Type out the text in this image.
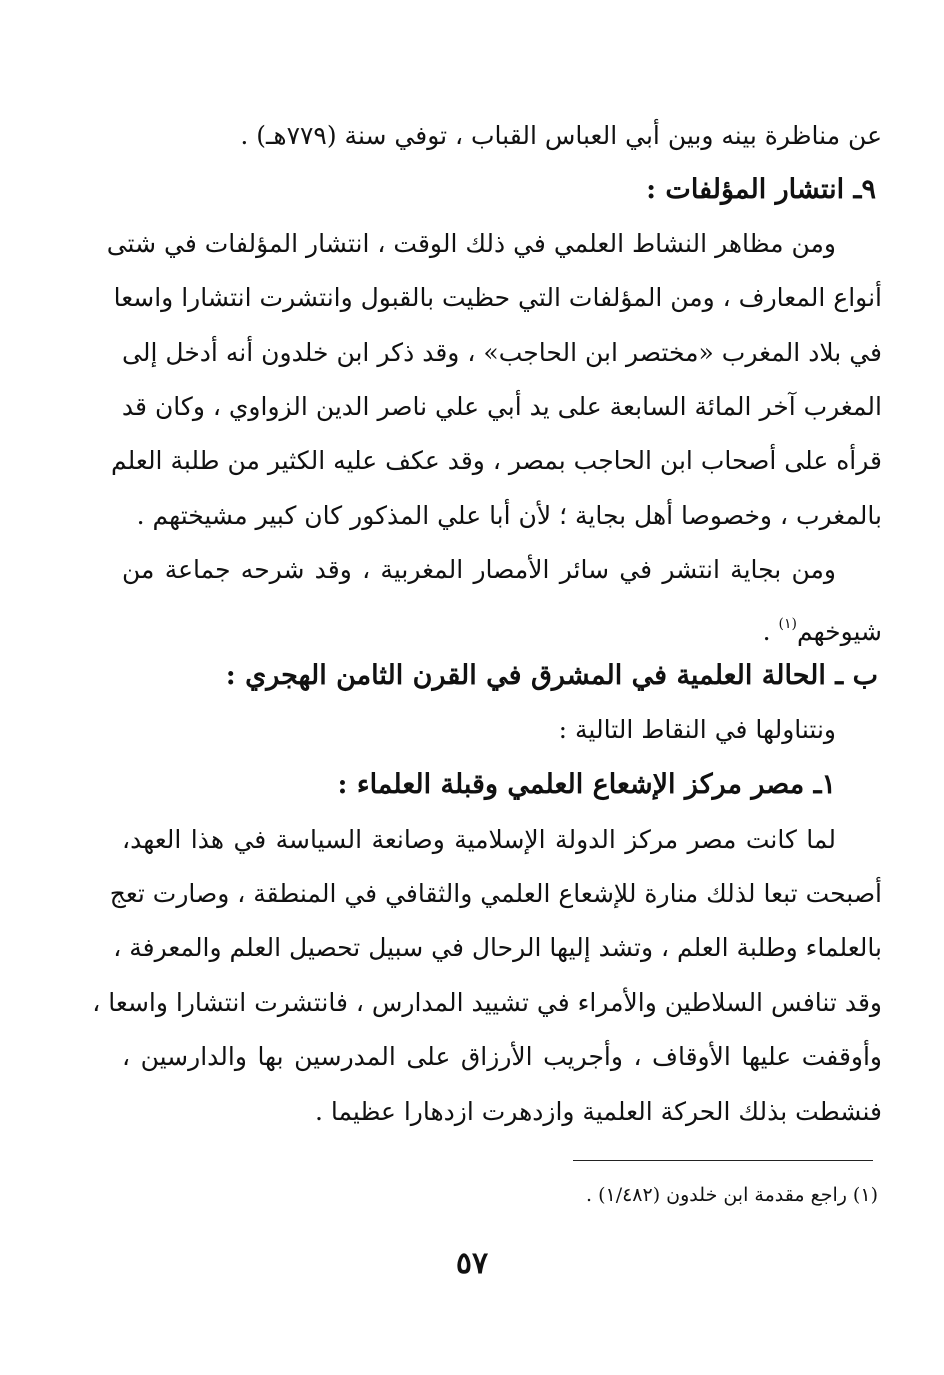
عن مناظرة بينه وبين أبي العباس القباب ، توفي سنة (٧٧٩هـ) .
٩ـ انتشار المؤلفات :
ومن مظاهر النشاط العلمي في ذلك الوقت ، انتشار المؤلفات في شتى
أنواع المعارف ، ومن المؤلفات التي حظيت بالقبول وانتشرت انتشارا واسعا
في بلاد المغرب «مختصر ابن الحاجب» ، وقد ذكر ابن خلدون أنه أدخل إلى
المغرب آخر المائة السابعة على يد أبي علي ناصر الدين الزواوي ، وكان قد
قرأه على أصحاب ابن الحاجب بمصر ، وقد عكف عليه الكثير من طلبة العلم
بالمغرب ، وخصوصا أهل بجاية ؛ لأن أبا علي المذكور كان كبير مشيختهم .
ومن بجاية انتشر في سائر الأمصار المغربية ، وقد شرحه جماعة من
شيوخهم$^{(١)}$ .
ب ـ الحالة العلمية في المشرق في القرن الثامن الهجري :
ونتناولها في النقاط التالية :
١ـ مصر مركز الإشعاع العلمي وقبلة العلماء :
لما كانت مصر مركز الدولة الإسلامية وصانعة السياسة في هذا العهد،
أصبحت تبعا لذلك منارة للإشعاع العلمي والثقافي في المنطقة ، وصارت تعج
بالعلماء وطلبة العلم ، وتشد إليها الرحال في سبيل تحصيل العلم والمعرفة ،
وقد تنافس السلاطين والأمراء في تشييد المدارس ، فانتشرت انتشارا واسعا ،
وأوقفت عليها الأوقاف ، وأجريب الأرزاق على المدرسين بها والدارسين ،
فنشطت بذلك الحركة العلمية وازدهرت ازدهارا عظيما .
(١) راجع مقدمة ابن خلدون (١/٤٨٢) .
٥٧
